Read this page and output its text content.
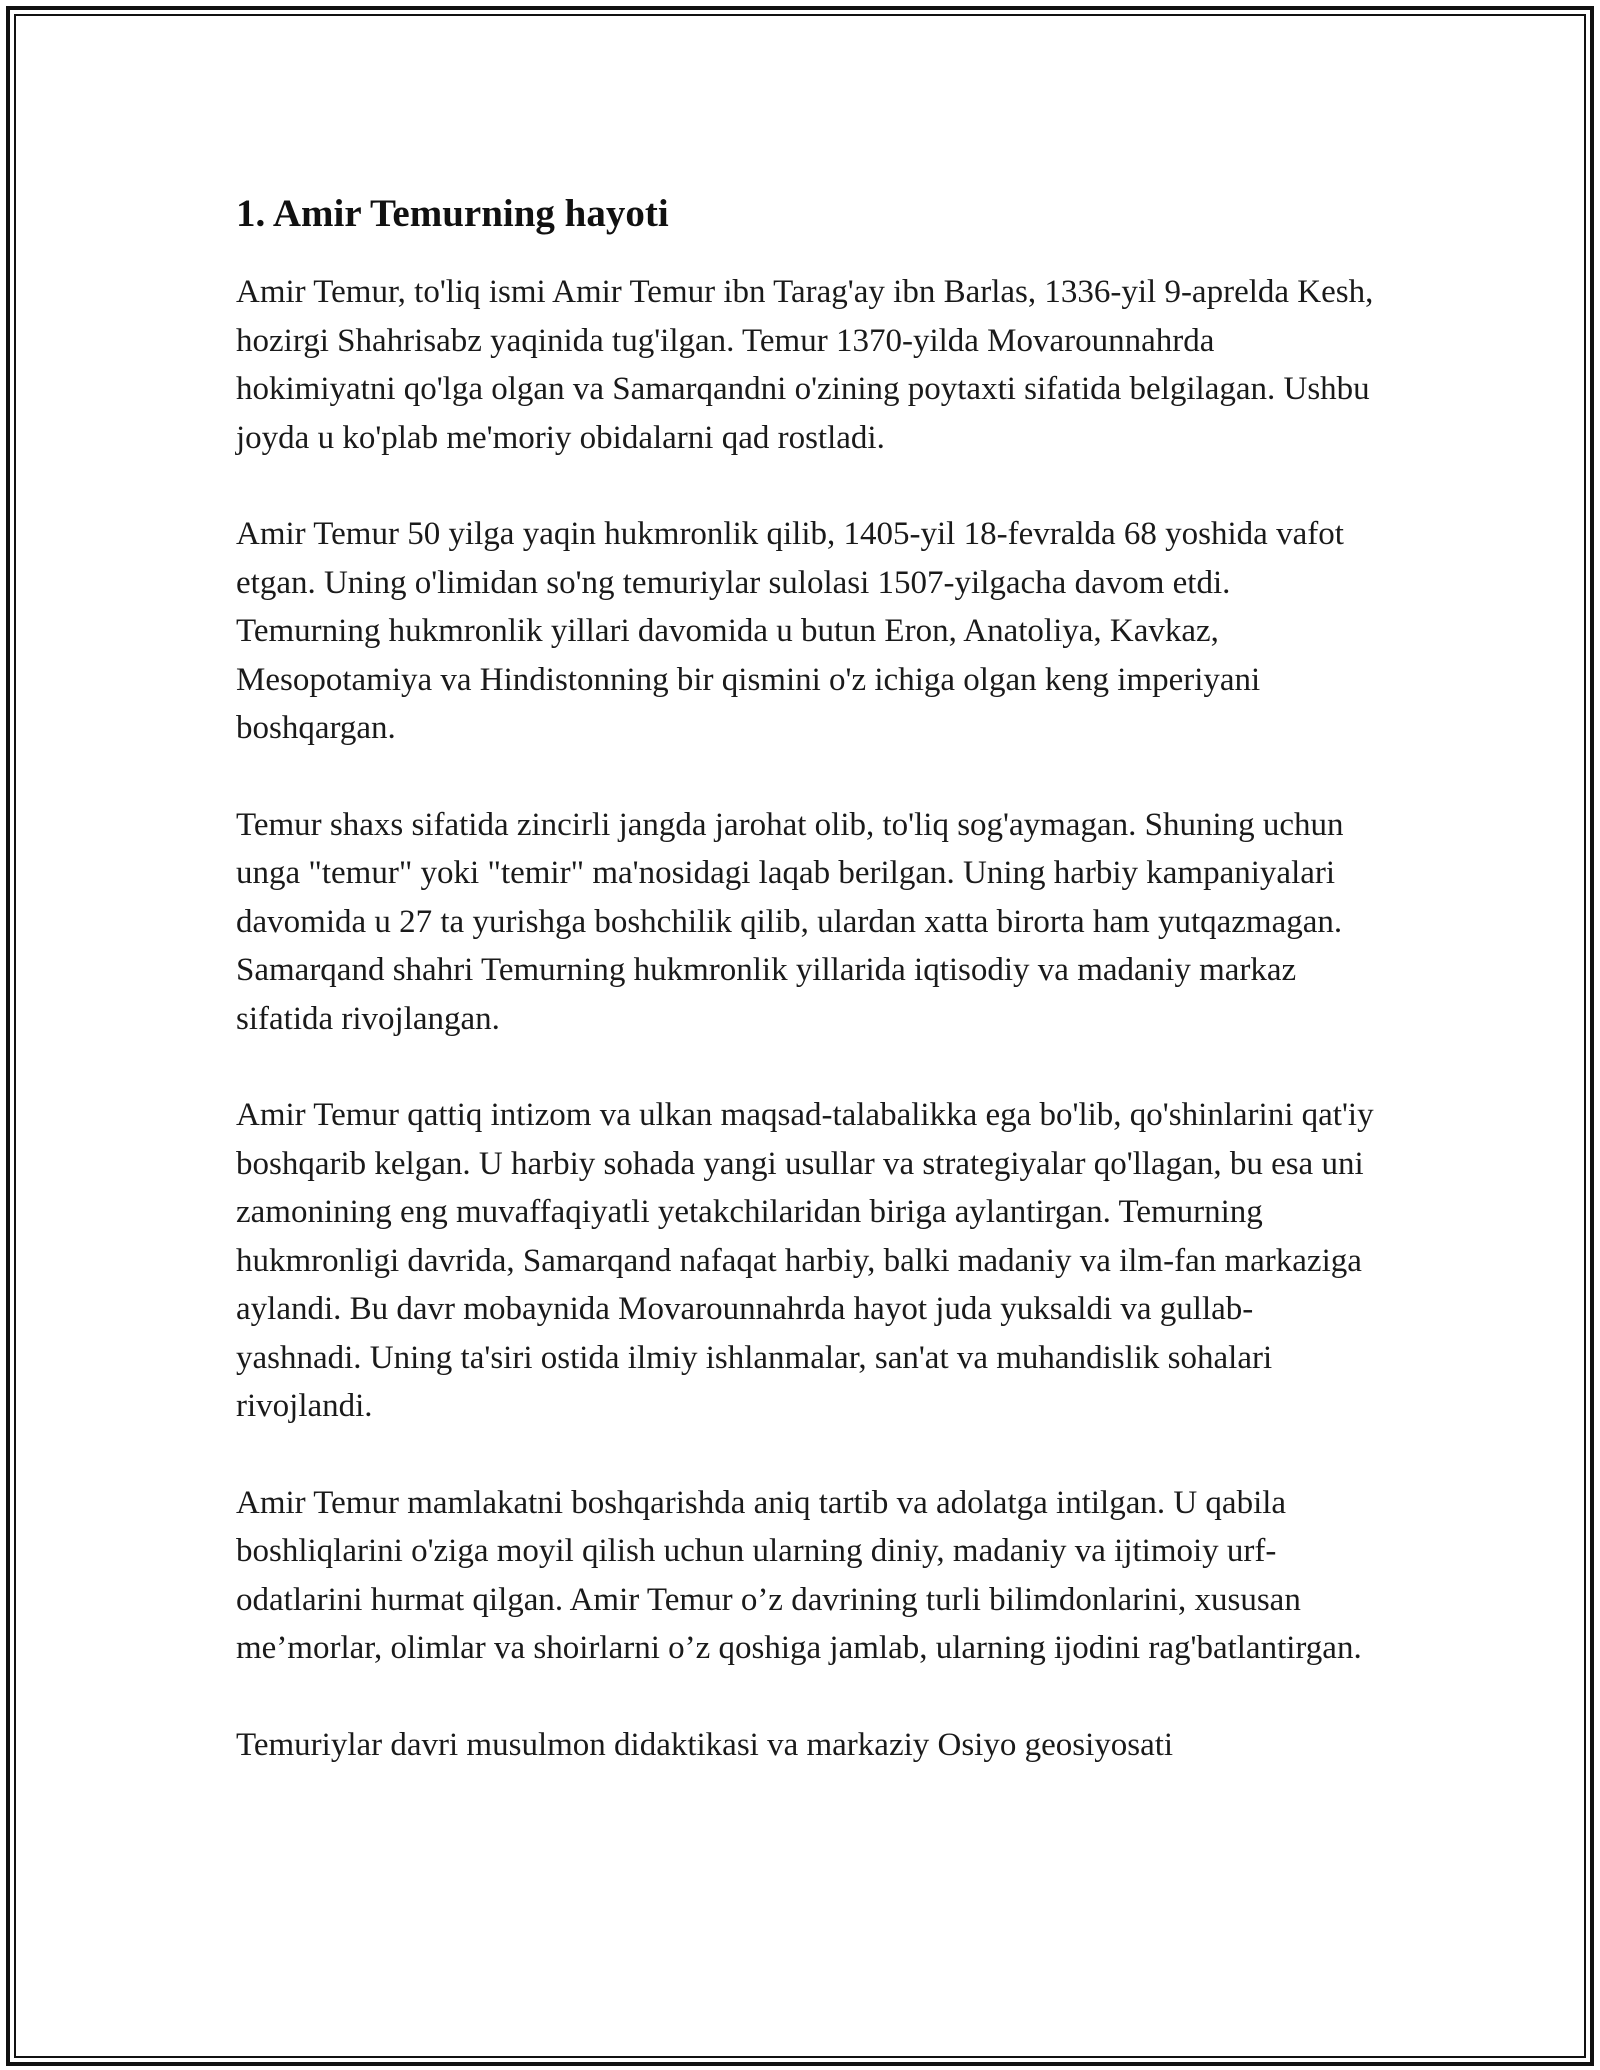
1. Amir Temurning hayoti

Amir Temur, to'liq ismi Amir Temur ibn Tarag'ay ibn Barlas, 1336-yil 9-aprelda Kesh, hozirgi Shahrisabz yaqinida tug'ilgan. Temur 1370-yilda Movarounnahrda hokimiyatni qo'lga olgan va Samarqandni o'zining poytaxti sifatida belgilagan. Ushbu joyda u ko'plab me'moriy obidalarni qad rostladi.

Amir Temur 50 yilga yaqin hukmronlik qilib, 1405-yil 18-fevralda 68 yoshida vafot etgan. Uning o'limidan so'ng temuriylar sulolasi 1507-yilgacha davom etdi. Temurning hukmronlik yillari davomida u butun Eron, Anatoliya, Kavkaz, Mesopotamiya va Hindistonning bir qismini o'z ichiga olgan keng imperiyani boshqargan.

Temur shaxs sifatida zincirli jangda jarohat olib, to'liq sog'aymagan. Shuning uchun unga "temur" yoki "temir" ma'nosidagi laqab berilgan. Uning harbiy kampaniyalari davomida u 27 ta yurishga boshchilik qilib, ulardan xatta birorta ham yutqazmagan. Samarqand shahri Temurning hukmronlik yillarida iqtisodiy va madaniy markaz sifatida rivojlangan.

Amir Temur qattiq intizom va ulkan maqsad-talabalikka ega bo'lib, qo'shinlarini qat'iy boshqarib kelgan. U harbiy sohada yangi usullar va strategiyalar qo'llagan, bu esa uni zamonining eng muvaffaqiyatli yetakchilaridan biriga aylantirgan. Temurning hukmronligi davrida, Samarqand nafaqat harbiy, balki madaniy va ilm-fan markaziga aylandi. Bu davr mobaynida Movarounnahrda hayot juda yuksaldi va gullab-yashnadi. Uning ta'siri ostida ilmiy ishlanmalar, san'at va muhandislik sohalari rivojlandi.

Amir Temur mamlakatni boshqarishda aniq tartib va adolatga intilgan. U qabila boshliqlarini o'ziga moyil qilish uchun ularning diniy, madaniy va ijtimoiy urf-odatlarini hurmat qilgan. Amir Temur o’z davrining turli bilimdonlarini, xususan me’morlar, olimlar va shoirlarni o’z qoshiga jamlab, ularning ijodini rag'batlantirgan.

Temuriylar davri musulmon didaktikasi va markaziy Osiyo geosiyosati
